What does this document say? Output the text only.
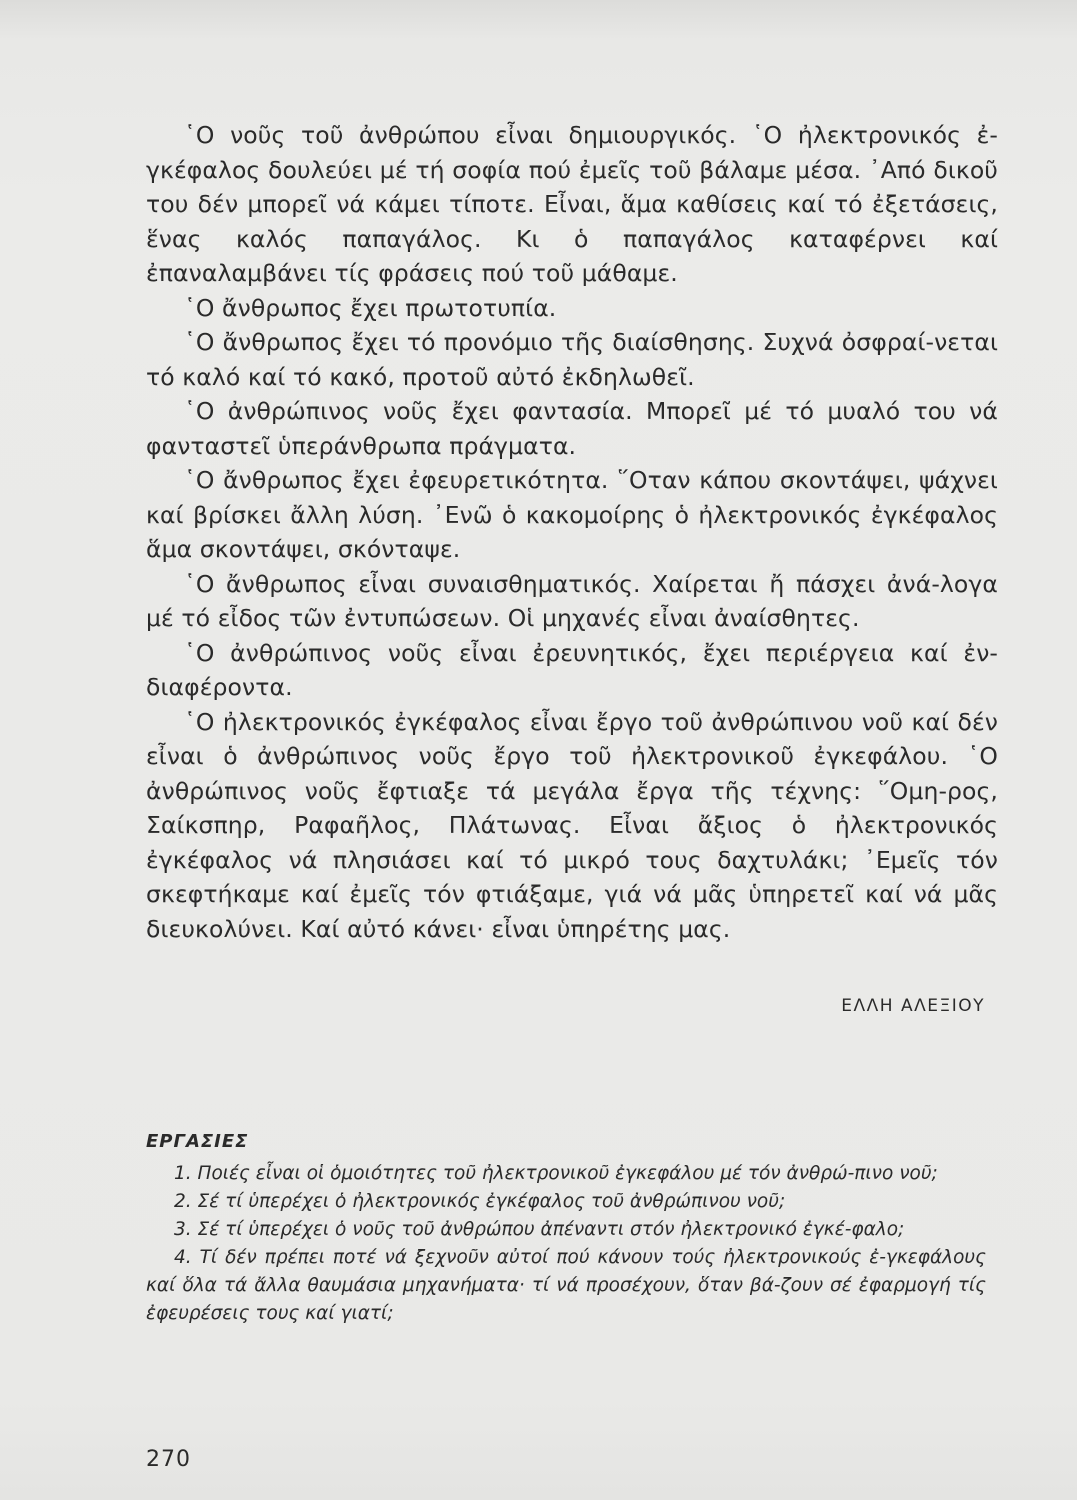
῾Ο νοῦς τοῦ ἀνθρώπου εἶναι δημιουργικός. ῾Ο ἠλεκτρονικός ἐ-γκέφαλος δουλεύει μέ τή σοφία πού ἐμεῖς τοῦ βάλαμε μέσα. ᾿Από δικοῦ του δέν μπορεῖ νά κάμει τίποτε. Εἶναι, ἅμα καθίσεις καί τό ἐξετάσεις, ἕνας καλός παπαγάλος. Κι ὁ παπαγάλος καταφέρνει καί ἐπαναλαμβάνει τίς φράσεις πού τοῦ μάθαμε.

῾Ο ἄνθρωπος ἔχει πρωτοτυπία.

῾Ο ἄνθρωπος ἔχει τό προνόμιο τῆς διαίσθησης. Συχνά ὀσφραί-νεται τό καλό καί τό κακό, προτοῦ αὐτό ἐκδηλωθεῖ.

῾Ο ἀνθρώπινος νοῦς ἔχει φαντασία. Μπορεῖ μέ τό μυαλό του νά φανταστεῖ ὑπεράνθρωπα πράγματα.

῾Ο ἄνθρωπος ἔχει ἐφευρετικότητα. ῞Οταν κάπου σκοντάψει, ψάχνει καί βρίσκει ἄλλη λύση. ᾿Ενῶ ὁ κακομοίρης ὁ ἠλεκτρονικός ἐγκέφαλος ἅμα σκοντάψει, σκόνταψε.

῾Ο ἄνθρωπος εἶναι συναισθηματικός. Χαίρεται ἤ πάσχει ἀνά-λογα μέ τό εἶδος τῶν ἐντυπώσεων. Οἱ μηχανές εἶναι ἀναίσθητες.

῾Ο ἀνθρώπινος νοῦς εἶναι ἐρευνητικός, ἔχει περιέργεια καί ἐν-διαφέροντα.

῾Ο ἠλεκτρονικός ἐγκέφαλος εἶναι ἔργο τοῦ ἀνθρώπινου νοῦ καί δέν εἶναι ὁ ἀνθρώπινος νοῦς ἔργο τοῦ ἠλεκτρονικοῦ ἐγκεφάλου. ῾Ο ἀνθρώπινος νοῦς ἔφτιαξε τά μεγάλα ἔργα τῆς τέχνης: ῞Ομη-ρος, Σαίκσπηρ, Ραφαῆλος, Πλάτωνας. Εἶναι ἄξιος ὁ ἠλεκτρονικός ἐγκέφαλος νά πλησιάσει καί τό μικρό τους δαχτυλάκι; ᾿Εμεῖς τόν σκεφτήκαμε καί ἐμεῖς τόν φτιάξαμε, γιά νά μᾶς ὑπηρετεῖ καί νά μᾶς διευκολύνει. Καί αὐτό κάνει· εἶναι ὑπηρέτης μας.

ΕΛΛΗ ΑΛΕΞΙΟΥ
ΕΡΓΑΣΙΕΣ
1. Ποιές εἶναι οἱ ὁμοιότητες τοῦ ἠλεκτρονικοῦ ἐγκεφάλου μέ τόν ἀνθρώ-πινο νοῦ;
2. Σέ τί ὑπερέχει ὁ ἠλεκτρονικός ἐγκέφαλος τοῦ ἀνθρώπινου νοῦ;
3. Σέ τί ὑπερέχει ὁ νοῦς τοῦ ἀνθρώπου ἀπέναντι στόν ἠλεκτρονικό ἐγκέ-φαλο;
4. Τί δέν πρέπει ποτέ νά ξεχνοῦν αὐτοί πού κάνουν τούς ἠλεκτρονικούς ἐ-γκεφάλους καί ὅλα τά ἄλλα θαυμάσια μηχανήματα· τί νά προσέχουν, ὅταν βά-ζουν σέ ἐφαρμογή τίς ἐφευρέσεις τους καί γιατί;
270
